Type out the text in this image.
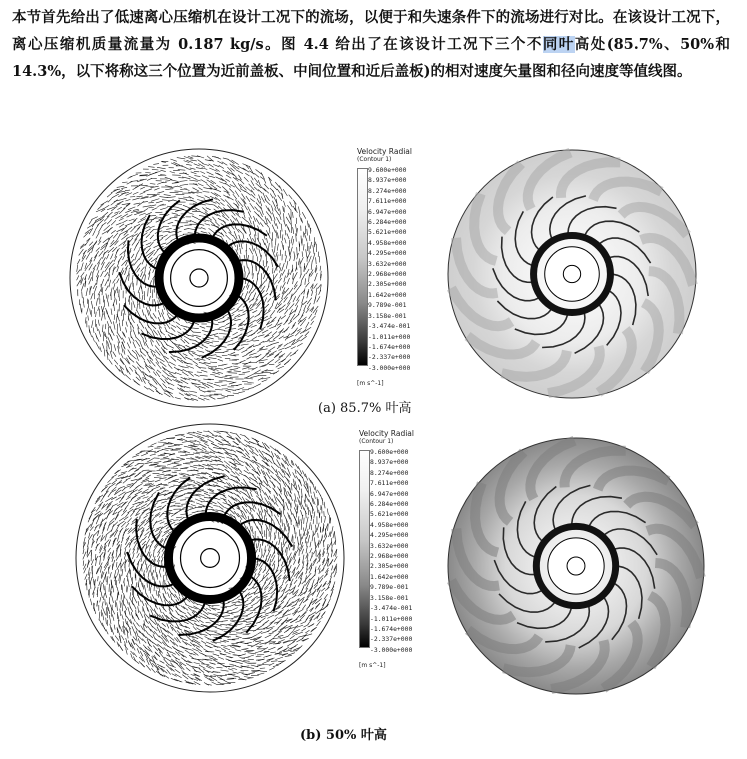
本节首先给出了低速离心压缩机在设计工况下的流场，以便于和失速条件下的流场进行对比。在该设计工况下，离心压缩机质量流量为 0.187 kg/s。图 4.4 给出了在该设计工况下三个不同叶高处(85.7%、50%和 14.3%，以下将称这三个位置为近前盖板、中间位置和近后盖板)的相对速度矢量图和径向速度等值线图。

Velocity Radial
(Contour 1)
9.600e+000
8.937e+000
8.274e+000
7.611e+000
6.947e+000
6.284e+000
5.621e+000
4.958e+000
4.295e+000
3.632e+000
2.968e+000
2.305e+000
1.642e+000
9.789e-001
3.158e-001
-3.474e-001
-1.011e+000
-1.674e+000
-2.337e+000
-3.000e+000
[m s^-1]
(a) 85.7% 叶高
Velocity Radial
(Contour 1)
9.600e+000
8.937e+000
8.274e+000
7.611e+000
6.947e+000
6.284e+000
5.621e+000
4.958e+000
4.295e+000
3.632e+000
2.968e+000
2.305e+000
1.642e+000
9.789e-001
3.158e-001
-3.474e-001
-1.011e+000
-1.674e+000
-2.337e+000
-3.000e+000
[m s^-1]
(b) 50% 叶高
